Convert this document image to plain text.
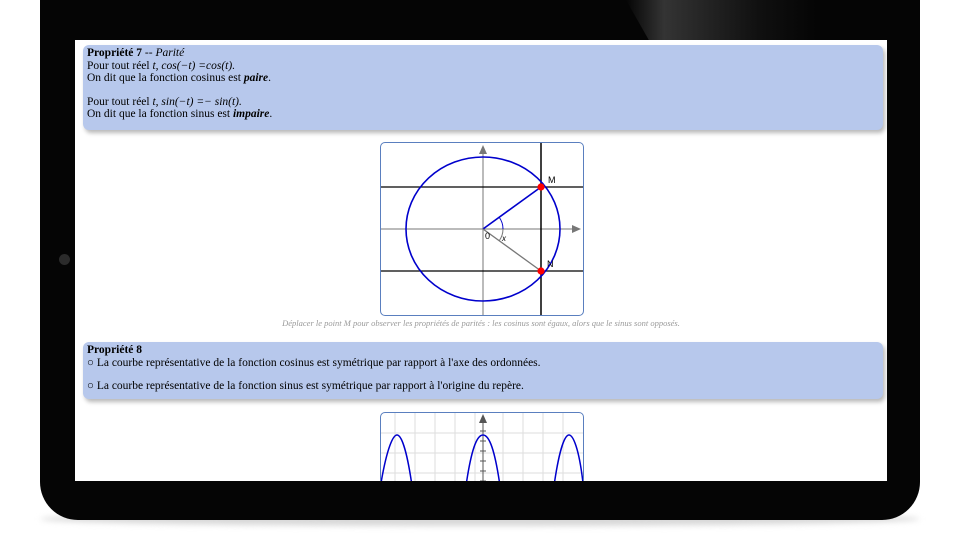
Propriété 7 -- Parité

Pour tout réel t, cos(−t) =cos(t).

On dit que la fonction cosinus est paire.

Pour tout réel t, sin(−t) =− sin(t).

On dit que la fonction sinus est impaire.

M
N
0 x
Déplacer le point M pour observer les propriétés de parités : les cosinus sont égaux, alors que le sinus sont opposés.

Propriété 8

○ La courbe représentative de la fonction cosinus est symétrique par rapport à l'axe des ordonnées.

○ La courbe représentative de la fonction sinus est symétrique par rapport à l'origine du repère.
